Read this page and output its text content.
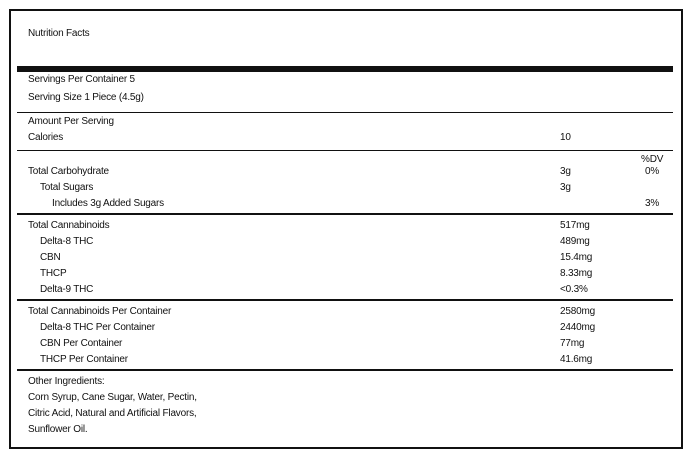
Nutrition Facts
Servings Per Container 5
Serving Size 1 Piece (4.5g)
Amount Per Serving
Calories	10
%DV
Total Carbohydrate	3g	0%
Total Sugars	3g
Includes 3g Added Sugars	3%
Total Cannabinoids	517mg
Delta-8 THC	489mg
CBN	15.4mg
THCP	8.33mg
Delta-9 THC	<0.3%
Total Cannabinoids Per Container	2580mg
Delta-8 THC Per Container	2440mg
CBN Per Container	77mg
THCP Per Container	41.6mg
Other Ingredients:
Corn Syrup, Cane Sugar, Water, Pectin,
Citric Acid, Natural and Artificial Flavors,
Sunflower Oil.
